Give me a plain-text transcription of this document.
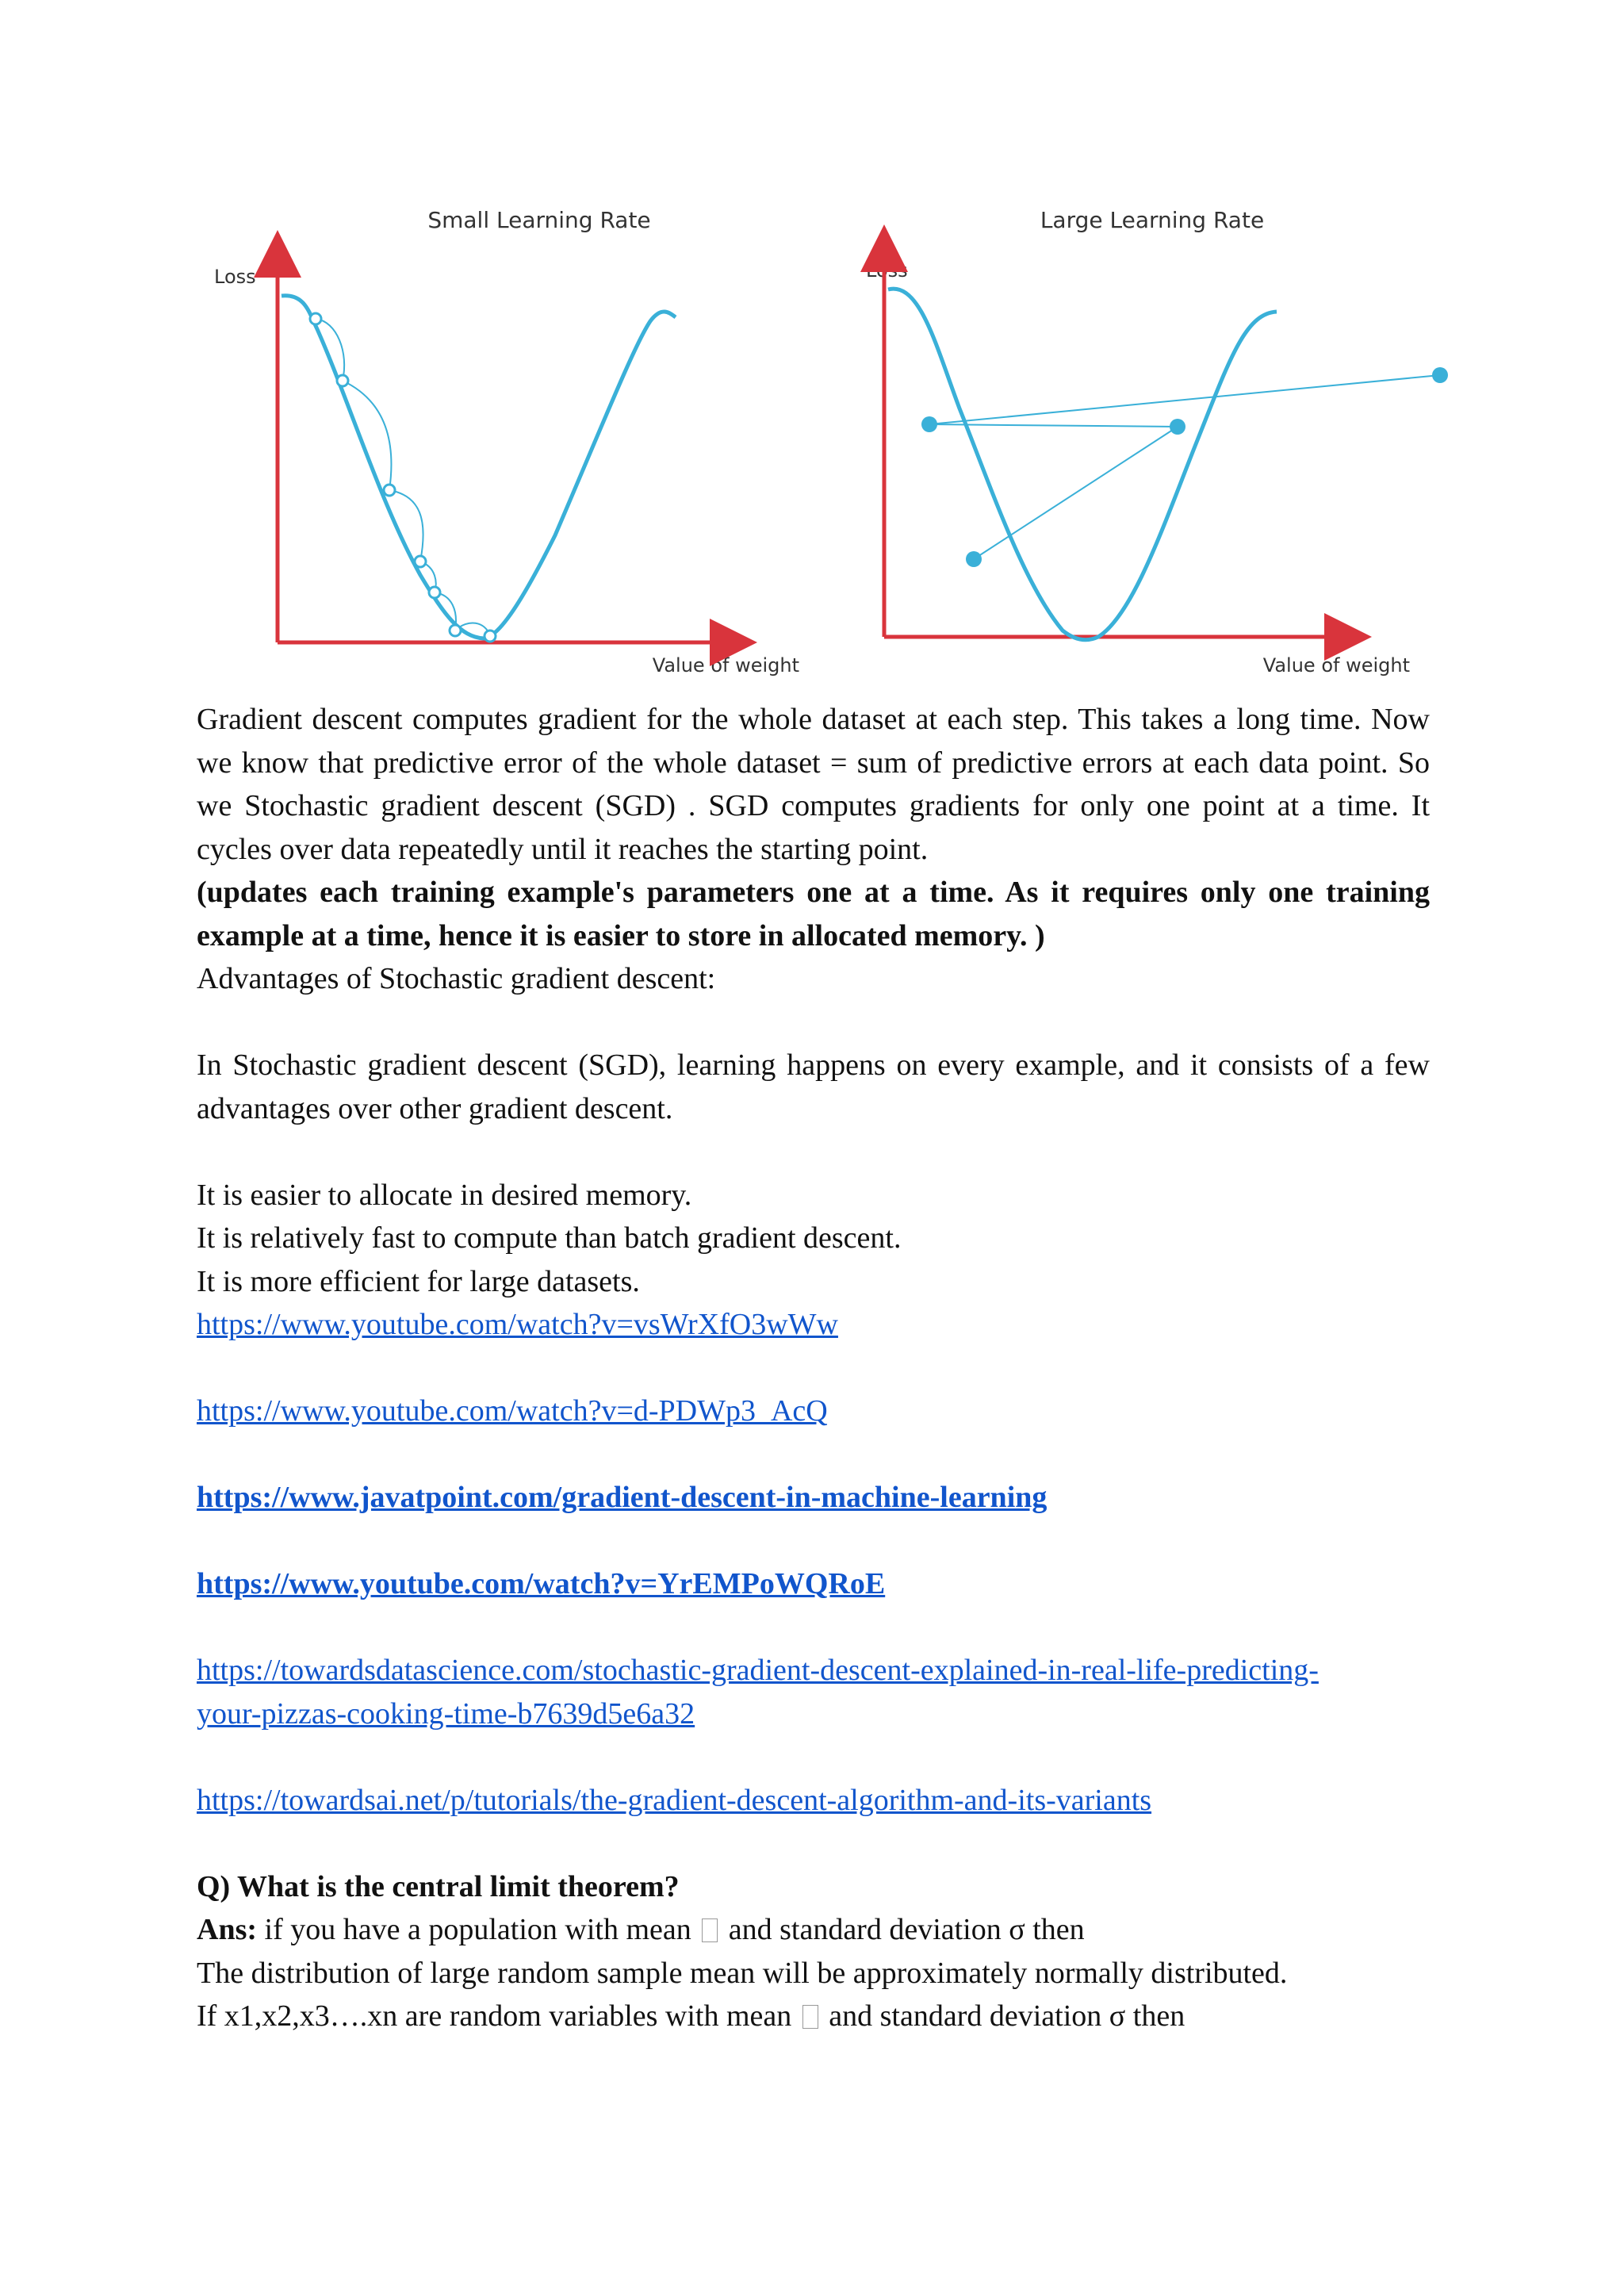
Small Learning Rate
Loss
Value of weight
Large Learning Rate
Loss
Value of weight

Gradient descent computes gradient for the whole dataset at each step. This takes a long time. Now we know that predictive error of the whole dataset = sum of predictive errors at each data point. So we Stochastic gradient descent (SGD) . SGD computes gradients for only one point at a time. It cycles over data repeatedly until it reaches the starting point.

(updates each training example's parameters one at a time. As it requires only one training example at a time, hence it is easier to store in allocated memory. )

Advantages of Stochastic gradient descent:

In Stochastic gradient descent (SGD), learning happens on every example, and it consists of a few advantages over other gradient descent.

It is easier to allocate in desired memory.

It is relatively fast to compute than batch gradient descent.

It is more efficient for large datasets.

https://www.youtube.com/watch?v=vsWrXfO3wWw

https://www.youtube.com/watch?v=d-PDWp3_AcQ

https://www.javatpoint.com/gradient-descent-in-machine-learning

https://www.youtube.com/watch?v=YrEMPoWQRoE

https://towardsdatascience.com/stochastic-gradient-descent-explained-in-real-life-predicting-
your-pizzas-cooking-time-b7639d5e6a32

https://towardsai.net/p/tutorials/the-gradient-descent-algorithm-and-its-variants

Q) What is the central limit theorem?

Ans: if you have a population with mean  and standard deviation σ then

The distribution of large random sample mean will be approximately normally distributed.

If x1,x2,x3….xn are random variables with mean  and standard deviation σ then
